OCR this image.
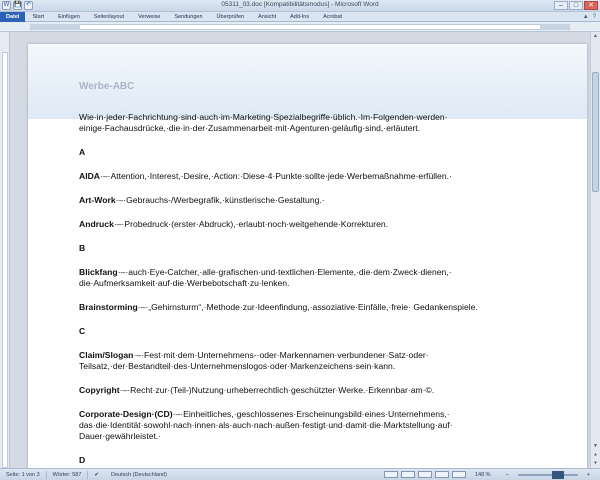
W 💾 ↶	05311_03.doc [Kompatibilitätsmodus] - Microsoft Word	–	□	✕
Datei	Start	Einfügen	Seitenlayout	Verweise	Sendungen	Überprüfen	Ansicht	Add-Ins	Acrobat	▲ ?
Werbe-ABC

Wie·in·jeder·Fachrichtung·sind·auch·im·Marketing·Spezialbegriffe·üblich.·Im·Folgenden·werden· einige·Fachausdrücke,·die·in·der·Zusammenarbeit·mit·Agenturen·geläufig·sind,·erläutert.

A

AIDA·–·Attention,·Interest,·Desire,·Action:·Diese·4·Punkte·sollte·jede·Werbemaßnahme·erfüllen.·

Art-Work·–·Gebrauchs-/Werbegrafik,·künstlerische·Gestaltung.·

Andruck·–·Probedruck·(erster·Abdruck),·erlaubt·noch·weitgehende·Korrekturen.

B

Blickfang·–·auch·Eye-Catcher,·alle·grafischen·und·textlichen·Elemente,·die·dem·Zweck·dienen,· die·Aufmerksamkeit·auf·die·Werbebotschaft·zu·lenken.

Brainstorming·–·„Gehirnsturm“,·Methode·zur·Ideenfindung,·assoziative·Einfälle,·freie· Gedankenspiele.

C

Claim/Slogan·–·Fest·mit·dem·Unternehmens-·oder·Markennamen·verbundener·Satz·oder· Teilsatz,·der·Bestandteil·des·Unternehmenslogos·oder·Markenzeichens·sein·kann.

Copyright·–·Recht·zur·(Teil-)Nutzung·urheberrechtlich·geschützter·Werke.·Erkennbar·am·©.

Corporate·Design·(CD)·–·Einheitliches,·geschlossenes·Erscheinungsbild·eines·Unternehmens,· das·die·Identität·sowohl·nach·innen·als·auch·nach·außen·festigt·und·damit·die·Marktstellung·auf· Dauer·gewährleistet.·

D

▲
▼
⯅
⯆
Seite: 1 von 3	Wörter: 587	✔	Deutsch (Deutschland)	148 %	−	+
